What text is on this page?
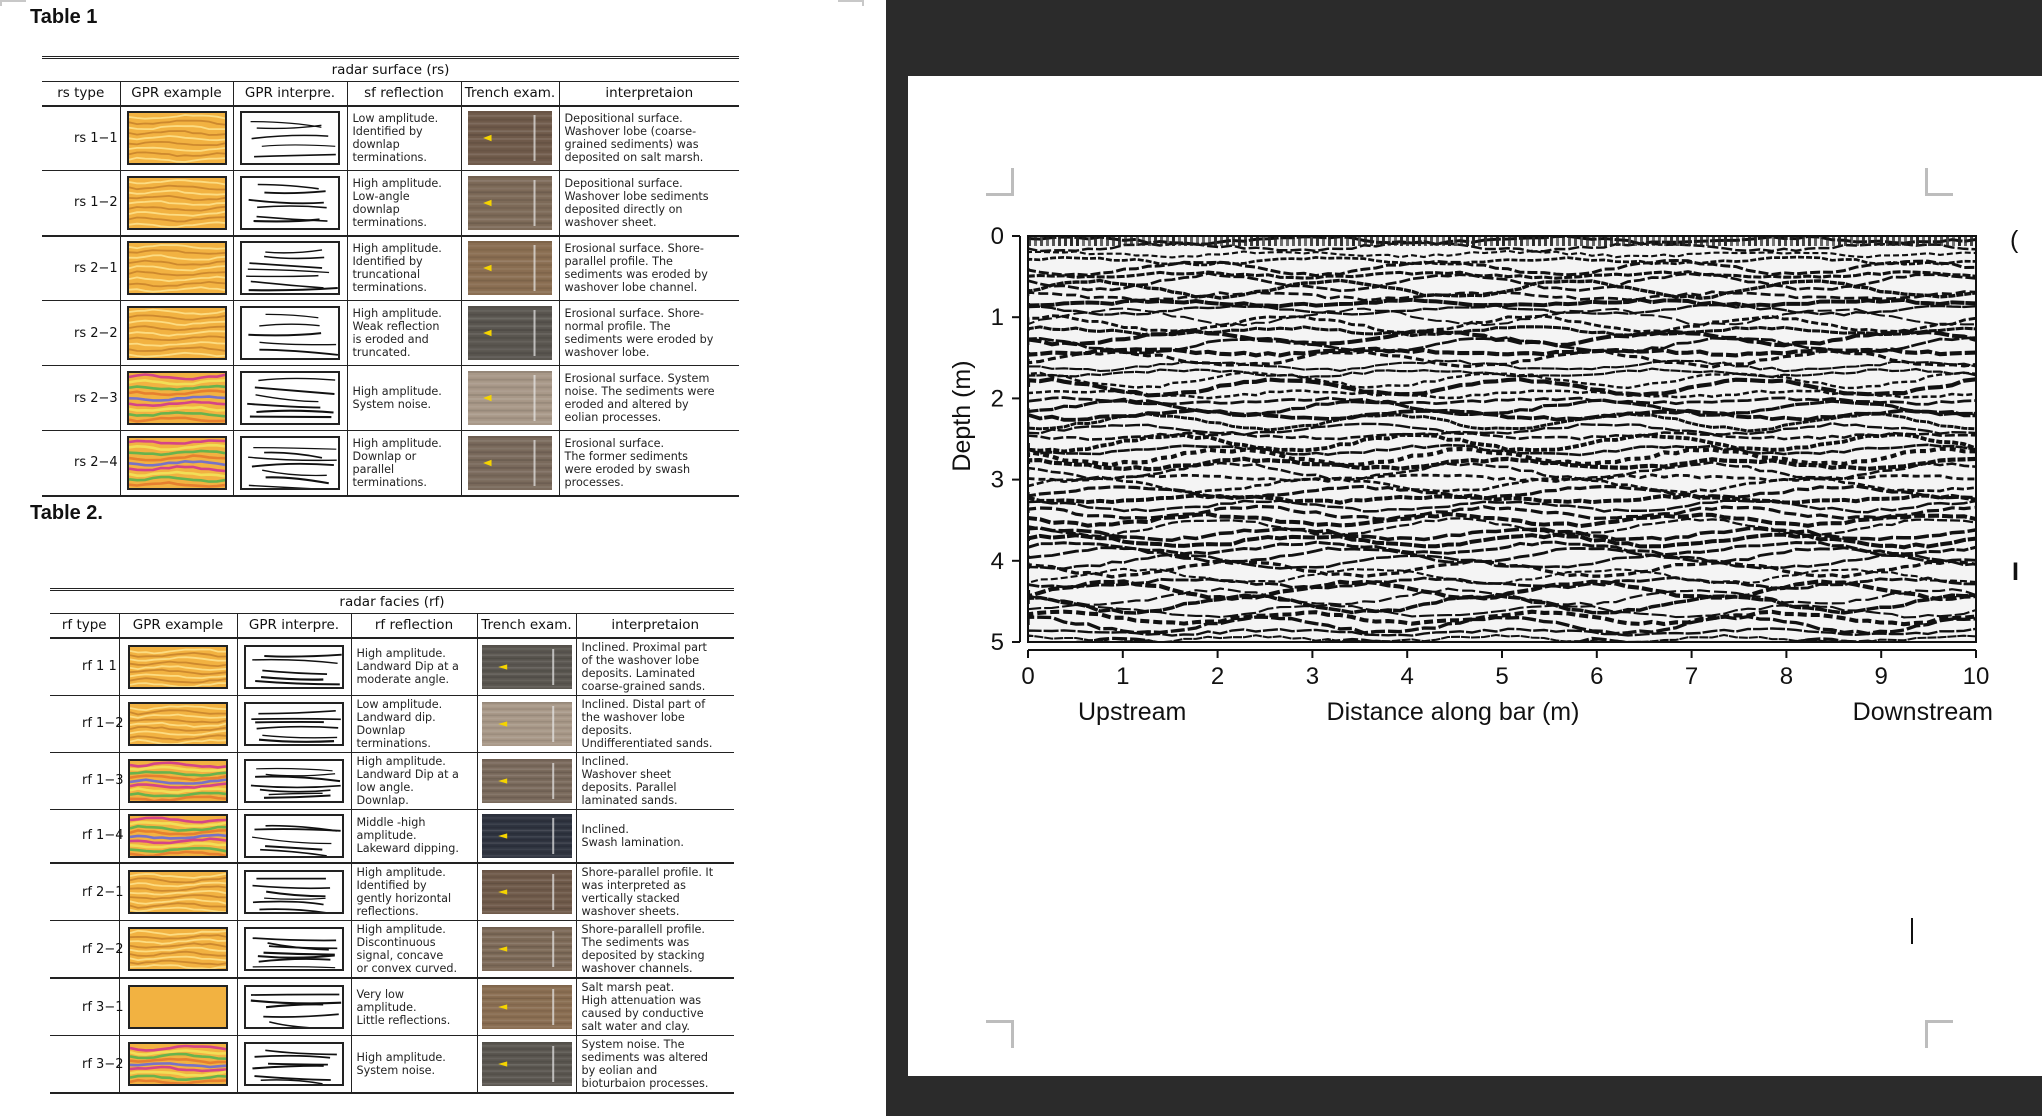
Table 1
radar surface (rs)					
rs type	GPR example	GPR interpre.	sf reflection	Trench exam.	interpretaion
rs 1−1			Low amplitude.
Identified by
downlap
terminations.		Depositional surface.
Washover lobe (coarse-
grained sediments) was
deposited on salt marsh.
rs 1−2			High amplitude.
Low-angle
downlap
terminations.		Depositional surface.
Washover lobe sediments
deposited directly on
washover sheet.
rs 2−1			High amplitude.
Identified by
truncational
terminations.		Erosional surface. Shore-
parallel profile. The
sediments was eroded by
washover lobe channel.
rs 2−2			High amplitude.
Weak reflection
is eroded and
truncated.		Erosional surface. Shore-
normal profile. The
sediments were eroded by
washover lobe.
rs 2−3			High amplitude.
System noise.		Erosional surface. System
noise. The sediments were
eroded and altered by
eolian processes.
rs 2−4			High amplitude.
Downlap or
parallel
terminations.		Erosional surface.
The former sediments
were eroded by swash
processes.
Table 2.
radar facies (rf)					
rf type	GPR example	GPR interpre.	rf reflection	Trench exam.	interpretaion
rf 1 1			High amplitude.
Landward Dip at a
moderate angle.		Inclined. Proximal part
of the washover lobe
deposits. Laminated
coarse-grained sands.
rf 1−2			Low amplitude.
Landward dip.
Downlap
terminations.		Inclined. Distal part of
the washover lobe
deposits.
Undifferentiated sands.
rf 1−3			High amplitude.
Landward Dip at a
low angle.
Downlap.		Inclined.
Washover sheet
deposits. Parallel
laminated sands.
rf 1−4			Middle -high
amplitude.
Lakeward dipping.		Inclined.
Swash lamination.
rf 2−1			High amplitude.
Identified by
gently horizontal
reflections.		Shore-parallel profile. It
was interpreted as
vertically stacked
washover sheets.
rf 2−2			High amplitude.
Discontinuous
signal, concave
or convex curved.		Shore-parallell profile.
The sediments was
deposited by stacking
washover channels.
rf 3−1			Very low
amplitude.
Little reflections.		Salt marsh peat.
High attenuation was
caused by conductive
salt water and clay.
rf 3−2			High amplitude.
System noise.		System noise. The
sediments was altered
by eolian and
bioturbaion processes.
0
1
2
3
4
5
0	1	2	3	4	5	6	7	8	9	10
Depth (m)
Distance along bar (m)
Upstream	Downstream
(
I
